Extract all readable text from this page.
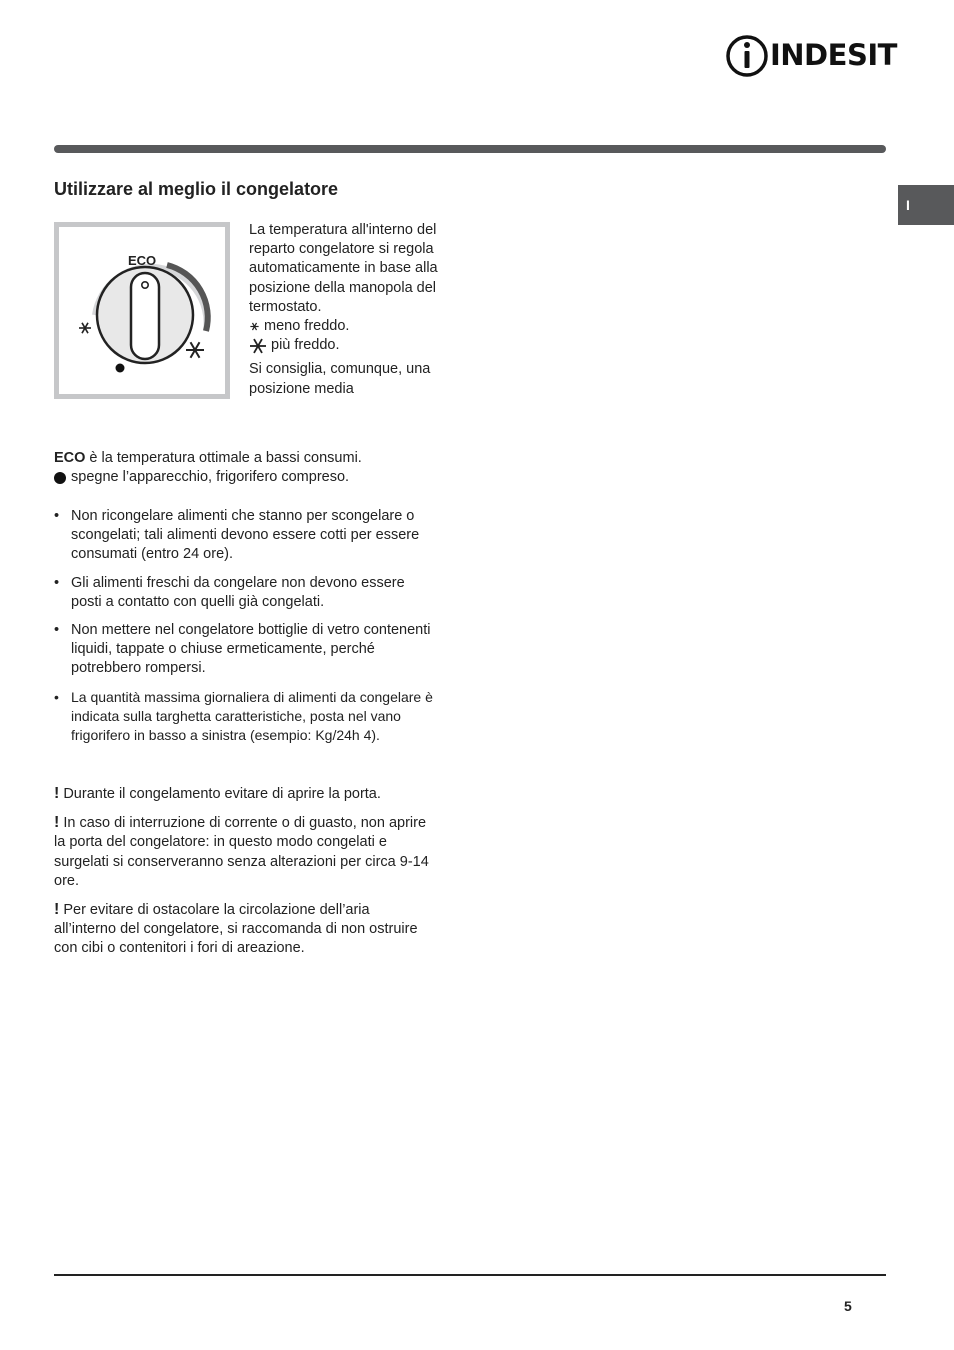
INDESIT
I
Utilizzare al meglio il congelatore
ECO

La temperatura all'interno del reparto congelatore si regola automaticamente in base alla posizione della manopola del termostato.

meno freddo.

più freddo.

Si consiglia, comunque, una posizione media

ECO è la temperatura ottimale a bassi consumi.

spegne l’apparecchio, frigorifero compreso.

• Non ricongelare alimenti che stanno per scongelare o scongelati; tali alimenti devono essere cotti per essere consumati (entro 24 ore).
• Gli alimenti freschi da congelare non devono essere posti a contatto con quelli già congelati.
• Non mettere nel congelatore bottiglie di vetro contenenti liquidi, tappate o chiuse ermeticamente, perché potrebbero rompersi.
• La quantità massima giornaliera di alimenti da congelare è indicata sulla targhetta caratteristiche, posta nel vano frigorifero in basso a sinistra (esempio: Kg/24h 4).

! Durante il congelamento evitare di aprire la porta.

! In caso di interruzione di corrente o di guasto, non aprire la porta del congelatore: in questo modo congelati e surgelati si conserveranno senza alterazioni per circa 9-14 ore.

! Per evitare di ostacolare la circolazione dell’aria all’interno del congelatore, si raccomanda di non ostruire con cibi o contenitori i fori di areazione.

5
